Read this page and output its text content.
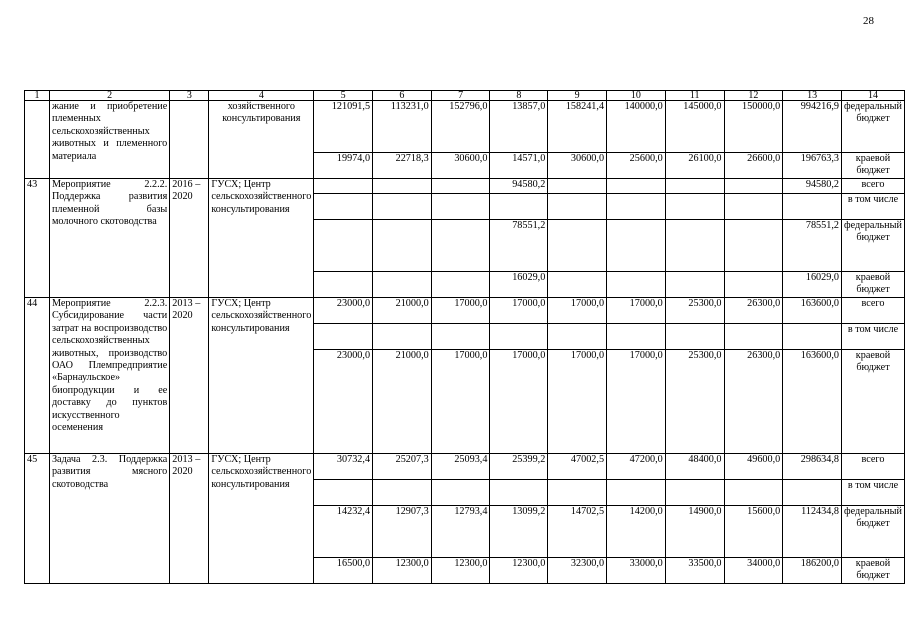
28
1	2	3	4	5	6	7	8	9	10	11	12	13	14
	жание и приобретение племенных сельскохозяйственных животных и племенного материала		хозяйственного консультирования	121091,5	113231,0	152796,0	13857,0	158241,4	140000,0	145000,0	150000,0	994216,9	федеральный бюджет
				19974,0	22718,3	30600,0	14571,0	30600,0	25600,0	26100,0	26600,0	196763,3	краевой бюджет
43	Мероприятие 2.2.2. Поддержка развития племенной базы молочного скотоводства	2016 – 2020	ГУСХ; Центр сельскохозяйственного консультирования				94580,2					94580,2	всего
													в том числе
							78551,2					78551,2	федеральный бюджет
							16029,0					16029,0	краевой бюджет
44	Мероприятие 2.2.3. Субсидирование части затрат на воспроизводство сельскохозяйственных животных, производство ОАО Племпредприятие «Барнаульское» биопродукции и ее доставку до пунктов искусственного осеменения	2013 – 2020	ГУСХ; Центр сельскохозяйственного консультирования	23000,0	21000,0	17000,0	17000,0	17000,0	17000,0	25300,0	26300,0	163600,0	всего
													в том числе
				23000,0	21000,0	17000,0	17000,0	17000,0	17000,0	25300,0	26300,0	163600,0	краевой бюджет
45	Задача 2.3. Поддержка развития мясного скотоводства	2013 – 2020	ГУСХ; Центр сельскохозяйственного консультирования	30732,4	25207,3	25093,4	25399,2	47002,5	47200,0	48400,0	49600,0	298634,8	всего
													в том числе
				14232,4	12907,3	12793,4	13099,2	14702,5	14200,0	14900,0	15600,0	112434,8	федеральный бюджет
				16500,0	12300,0	12300,0	12300,0	32300,0	33000,0	33500,0	34000,0	186200,0	краевой бюджет
